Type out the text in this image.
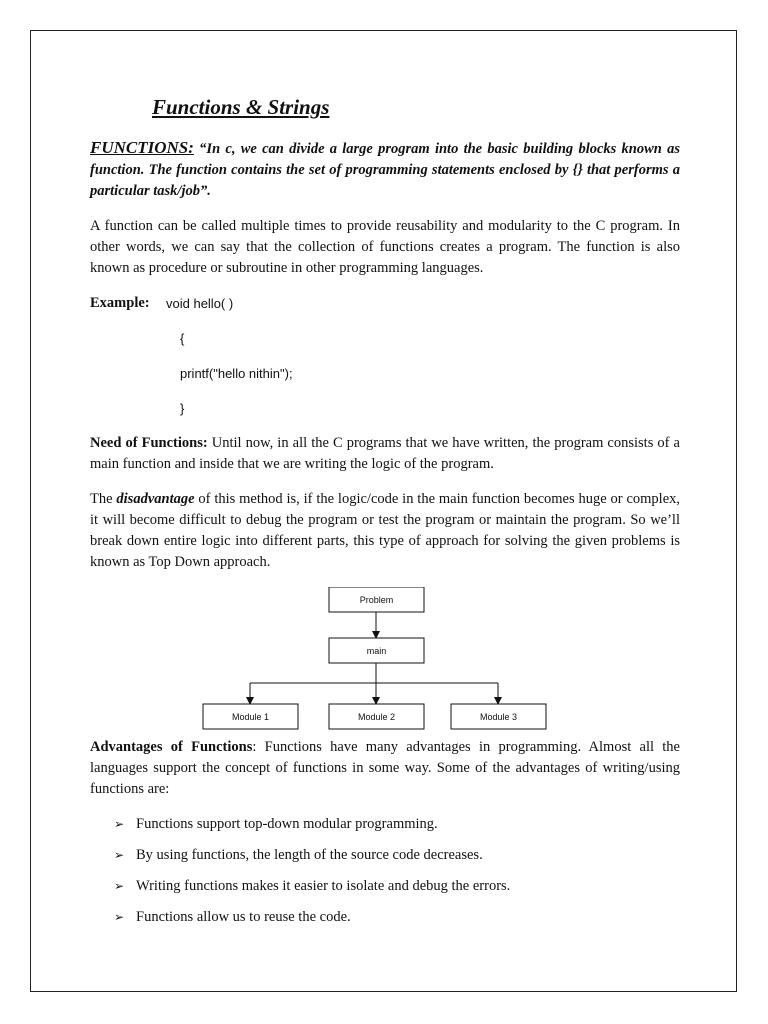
Functions & Strings

FUNCTIONS: “In c, we can divide a large program into the basic building blocks known as function. The function contains the set of programming statements enclosed by {} that performs a particular task/job”.

A function can be called multiple times to provide reusability and modularity to the C program. In other words, we can say that the collection of functions creates a program. The function is also known as procedure or subroutine in other programming languages.

Example:	void hello( )
{
printf("hello nithin");
}

Need of Functions: Until now, in all the C programs that we have written, the program consists of a main function and inside that we are writing the logic of the program.

The disadvantage of this method is, if the logic/code in the main function becomes huge or complex, it will become difficult to debug the program or test the program or maintain the program. So we’ll break down entire logic into different parts, this type of approach for solving the given problems is known as Top Down approach.

Problem
main
Module 1	Module 2	Module 3

Advantages of Functions: Functions have many advantages in programming. Almost all the languages support the concept of functions in some way. Some of the advantages of writing/using functions are:

➢ Functions support top-down modular programming.
➢ By using functions, the length of the source code decreases.
➢ Writing functions makes it easier to isolate and debug the errors.
➢ Functions allow us to reuse the code.
